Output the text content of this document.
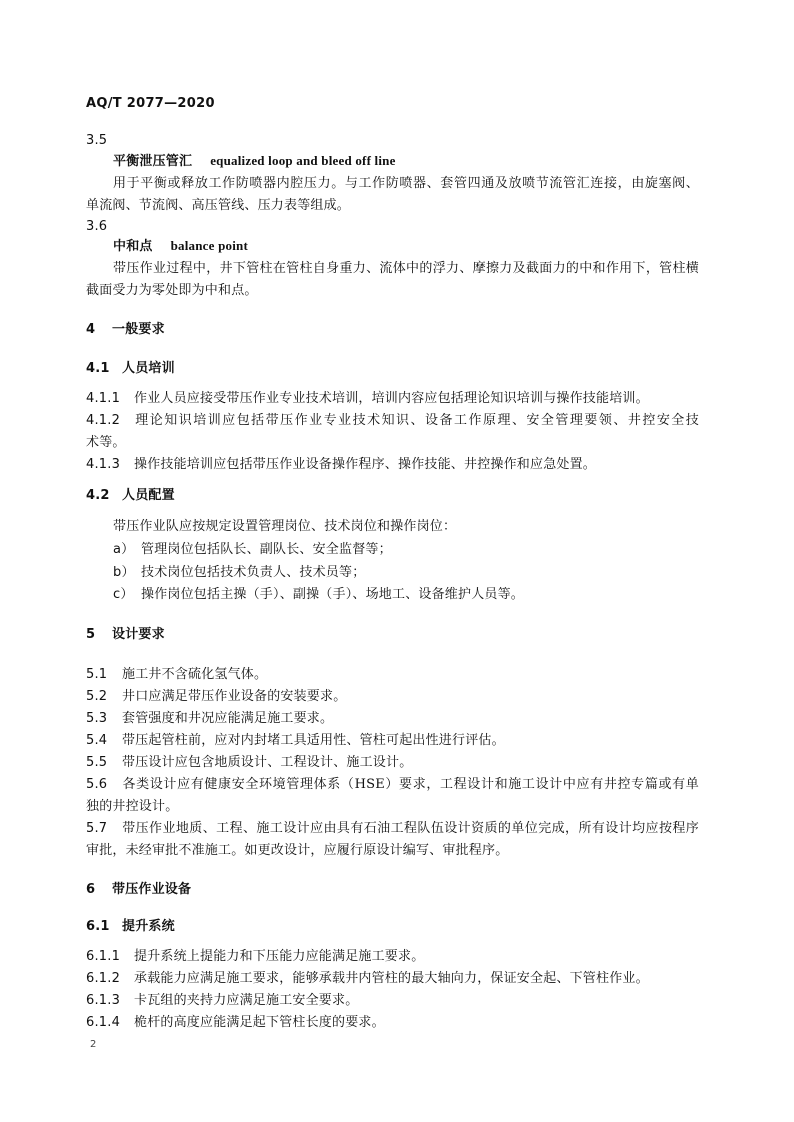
AQ/T 2077—2020
3.5
平衡泄压管汇 equalized loop and bleed off line
用于平衡或释放工作防喷器内腔压力。与工作防喷器、套管四通及放喷节流管汇连接，由旋塞阀、
单流阀、节流阀、高压管线、压力表等组成。
3.6
中和点 balance point
带压作业过程中，井下管柱在管柱自身重力、流体中的浮力、摩擦力及截面力的中和作用下，管柱横
截面受力为零处即为中和点。
4 一般要求
4.1 人员培训
4.1.1 作业人员应接受带压作业专业技术培训，培训内容应包括理论知识培训与操作技能培训。
4.1.2 理论知识培训应包括带压作业专业技术知识、设备工作原理、安全管理要领、井控安全技
术等。
4.1.3 操作技能培训应包括带压作业设备操作程序、操作技能、井控操作和应急处置。
4.2 人员配置
带压作业队应按规定设置管理岗位、技术岗位和操作岗位：
a） 管理岗位包括队长、副队长、安全监督等；
b） 技术岗位包括技术负责人、技术员等；
c） 操作岗位包括主操（手）、副操（手）、场地工、设备维护人员等。
5 设计要求
5.1 施工井不含硫化氢气体。
5.2 井口应满足带压作业设备的安装要求。
5.3 套管强度和井况应能满足施工要求。
5.4 带压起管柱前，应对内封堵工具适用性、管柱可起出性进行评估。
5.5 带压设计应包含地质设计、工程设计、施工设计。
5.6 各类设计应有健康安全环境管理体系（HSE）要求，工程设计和施工设计中应有井控专篇或有单
独的井控设计。
5.7 带压作业地质、工程、施工设计应由具有石油工程队伍设计资质的单位完成，所有设计均应按程序
审批，未经审批不准施工。如更改设计，应履行原设计编写、审批程序。
6 带压作业设备
6.1 提升系统
6.1.1 提升系统上提能力和下压能力应能满足施工要求。
6.1.2 承载能力应满足施工要求，能够承载井内管柱的最大轴向力，保证安全起、下管柱作业。
6.1.3 卡瓦组的夹持力应满足施工安全要求。
6.1.4 桅杆的高度应能满足起下管柱长度的要求。
2
